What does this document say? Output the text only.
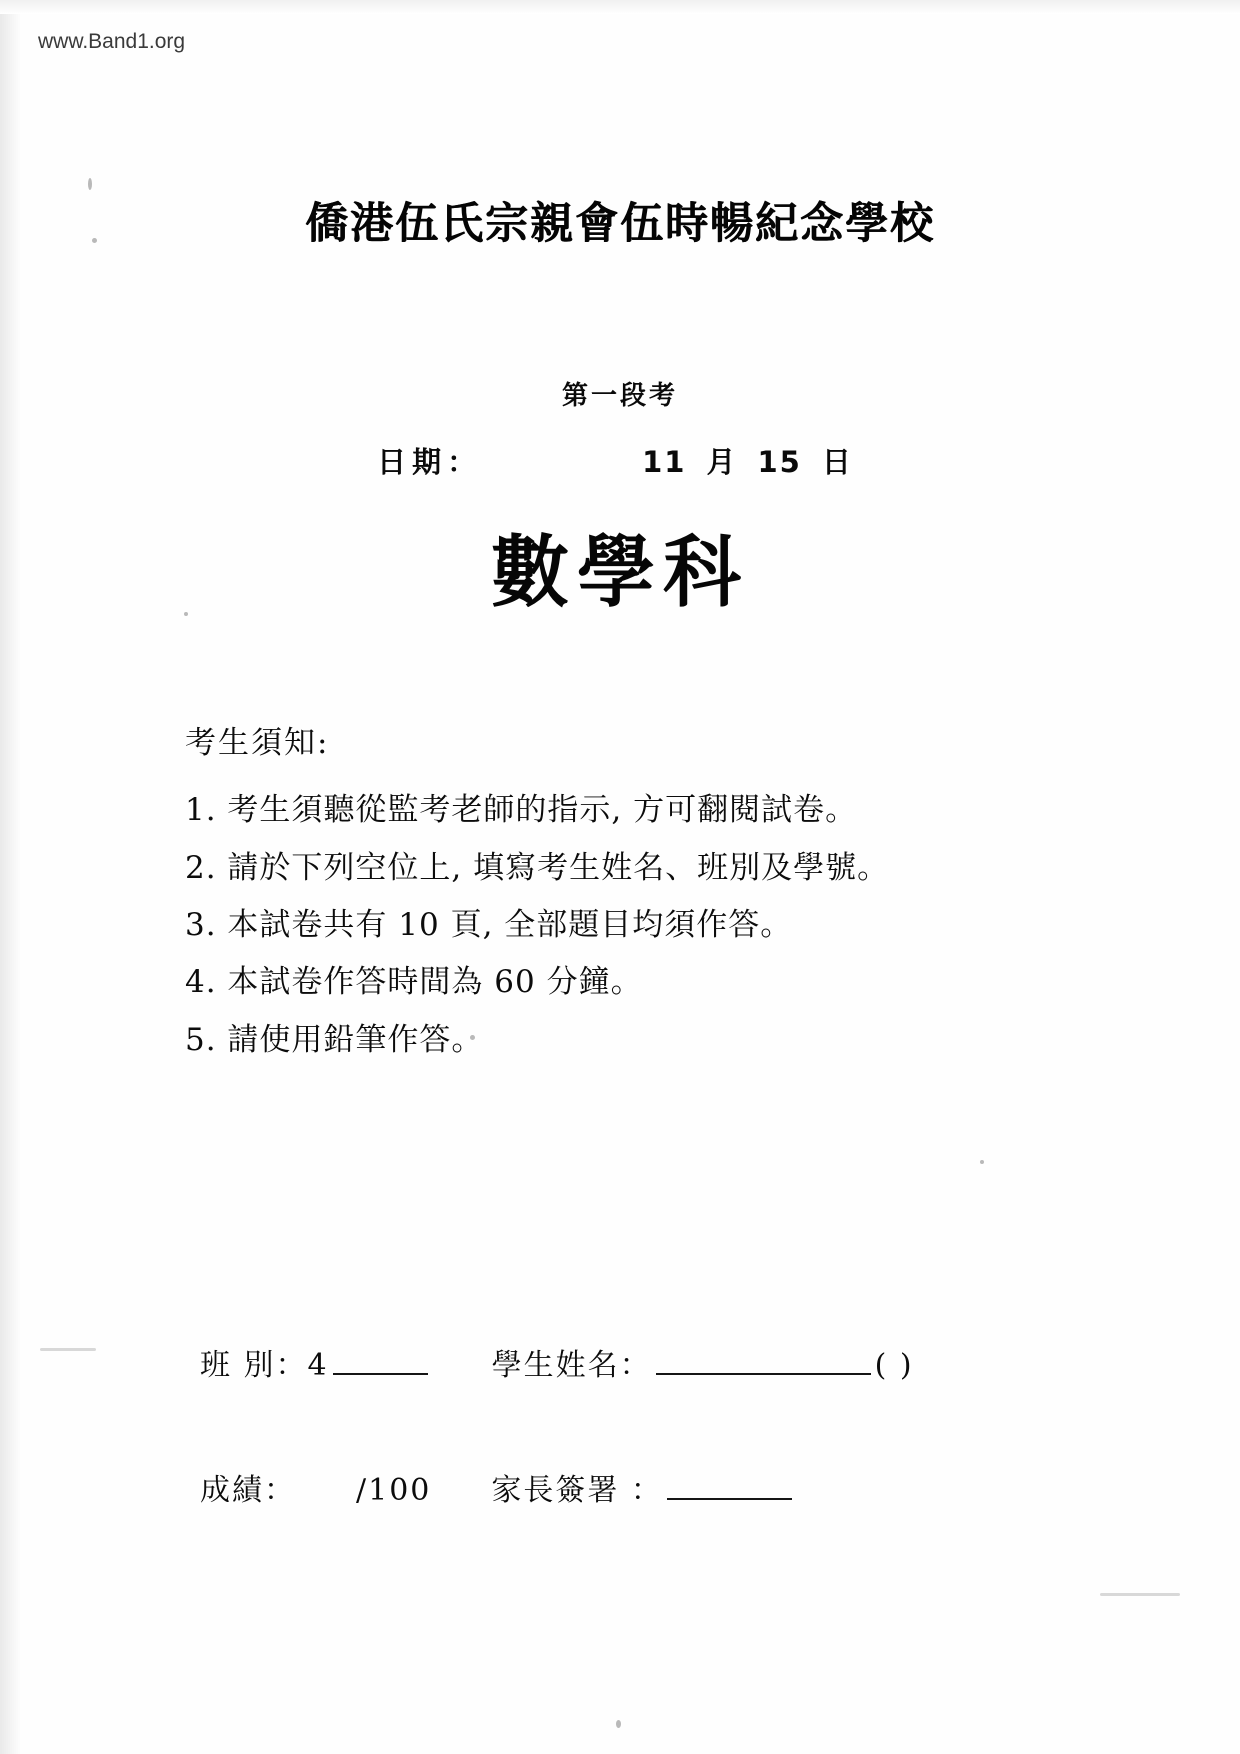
www.Band1.org
僑港伍氏宗親會伍時暢紀念學校
第一段考
日期：	11 月 15 日
數學科
考生須知:
1. 考生須聽從監考老師的指示, 方可翻閱試卷。
2. 請於下列空位上, 填寫考生姓名、班別及學號。
3. 本試卷共有 10 頁, 全部題目均須作答。
4. 本試卷作答時間為 60 分鐘。
5. 請使用鉛筆作答。
班 別： 4	學生姓名：	( )
成績： /100 家長簽署 ：
